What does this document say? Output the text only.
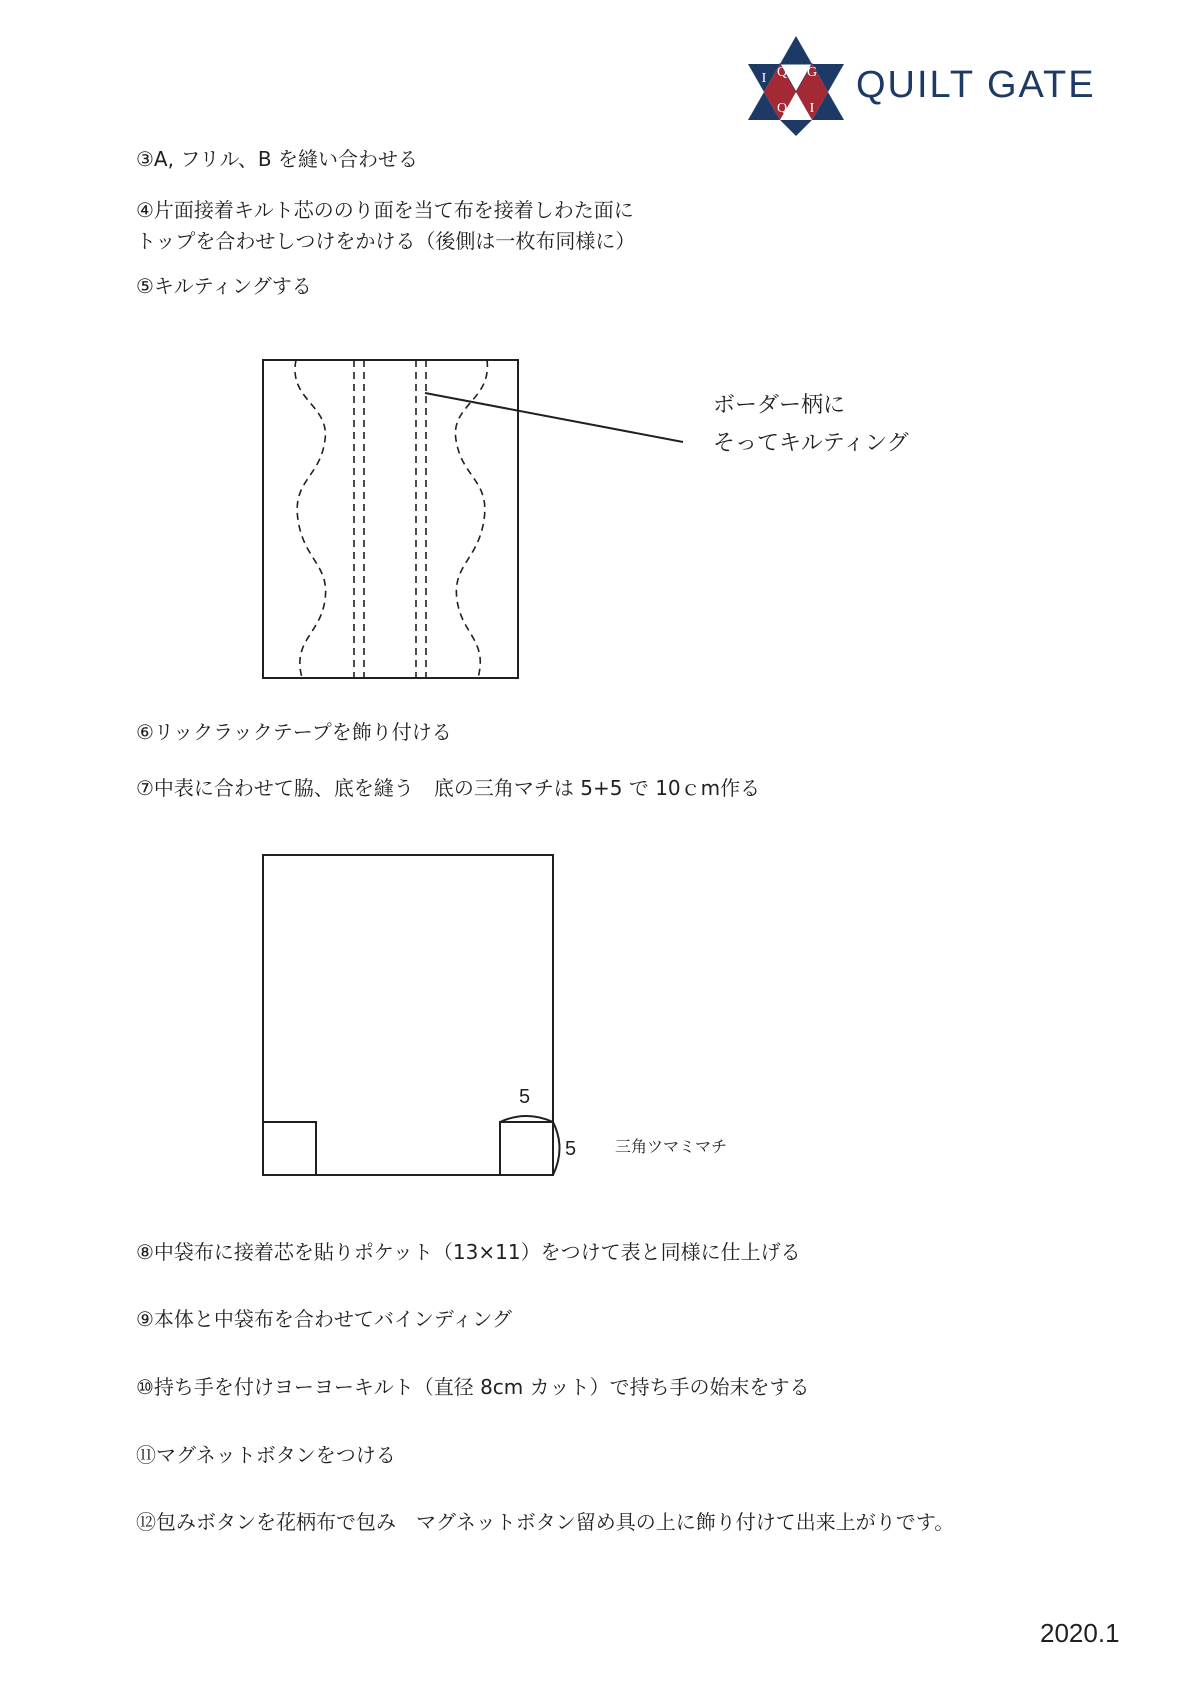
I Q G
Q I
QUILT GATE
③A, フリル、B を縫い合わせる
④片面接着キルト芯ののり面を当て布を接着しわた面に
トップを合わせしつけをかける（後側は一枚布同様に）
⑤キルティングする
ボーダー柄に
そってキルティング
⑥リックラックテープを飾り付ける
⑦中表に合わせて脇、底を縫う　底の三角マチは 5+5 で 10ｃm作る
5
5 三角ツマミマチ
⑧中袋布に接着芯を貼りポケット（13×11）をつけて表と同様に仕上げる
⑨本体と中袋布を合わせてバインディング
⑩持ち手を付けヨーヨーキルト（直径 8cm カット）で持ち手の始末をする
⑪マグネットボタンをつける
⑫包みボタンを花柄布で包み　マグネットボタン留め具の上に飾り付けて出来上がりです。
2020.1
